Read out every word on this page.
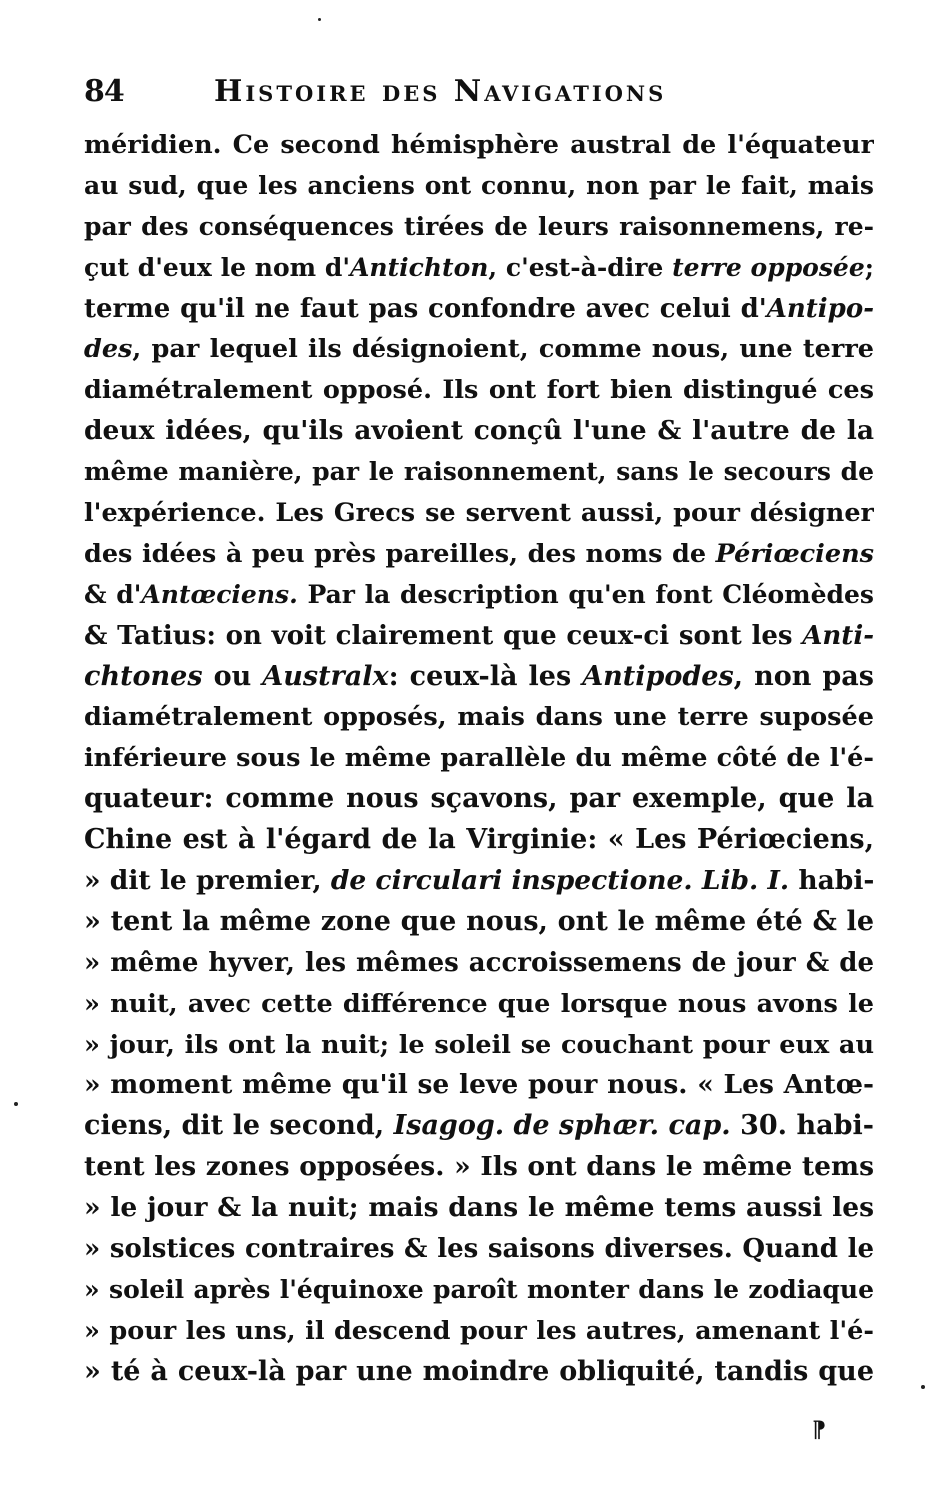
84	Histoire des Navigations
méridien. Ce second hémisphère austral de l'équateur
au sud, que les anciens ont connu, non par le fait, mais
par des conséquences tirées de leurs raisonnemens, re-
çut d'eux le nom d'Antichton, c'est-à-dire terre opposée;
terme qu'il ne faut pas confondre avec celui d'Antipo-
des, par lequel ils désignoient, comme nous, une terre
diamétralement opposé. Ils ont fort bien distingué ces
deux idées, qu'ils avoient conçû l'une & l'autre de la
même manière, par le raisonnement, sans le secours de
l'expérience. Les Grecs se servent aussi, pour désigner
des idées à peu près pareilles, des noms de Périœciens
& d'Antœciens. Par la description qu'en font Cléomèdes
& Tatius: on voit clairement que ceux-ci sont les Anti-
chtones ou Australx: ceux-là les Antipodes, non pas
diamétralement opposés, mais dans une terre suposée
inférieure sous le même parallèle du même côté de l'é-
quateur: comme nous sçavons, par exemple, que la
Chine est à l'égard de la Virginie: « Les Périœciens,
» dit le premier, de circulari inspectione. Lib. I. habi-
» tent la même zone que nous, ont le même été & le
» même hyver, les mêmes accroissemens de jour & de
» nuit, avec cette différence que lorsque nous avons le
» jour, ils ont la nuit; le soleil se couchant pour eux au
» moment même qu'il se leve pour nous. « Les Antœ-
ciens, dit le second, Isagog. de sphær. cap. 30. habi-
tent les zones opposées. » Ils ont dans le même tems
» le jour & la nuit; mais dans le même tems aussi les
» solstices contraires & les saisons diverses. Quand le
» soleil après l'équinoxe paroît monter dans le zodiaque
» pour les uns, il descend pour les autres, amenant l'é-
» té à ceux-là par une moindre obliquité, tandis que
⁋
